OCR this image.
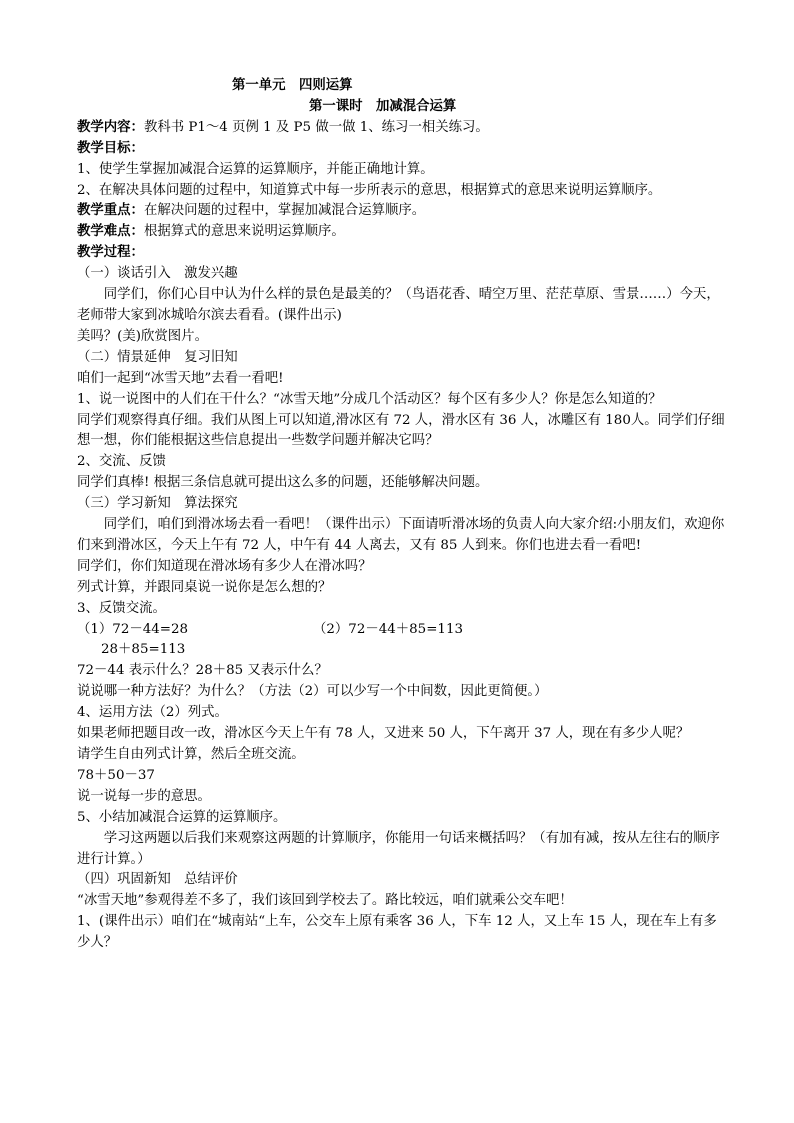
第一单元　四则运算

第一课时　加减混合运算

教学内容：教科书 P1～4 页例 1 及 P5 做一做 1、练习一相关练习。

教学目标：

1、使学生掌握加减混合运算的运算顺序，并能正确地计算。

2、在解决具体问题的过程中，知道算式中每一步所表示的意思，根据算式的意思来说明运算顺序。

教学重点：在解决问题的过程中，掌握加减混合运算顺序。

教学难点：根据算式的意思来说明运算顺序。

教学过程：

（一）谈话引入　激发兴趣

同学们，你们心目中认为什么样的景色是最美的？（鸟语花香、晴空万里、茫茫草原、雪景……）今天，老师带大家到冰城哈尔滨去看看。(课件出示)

美吗？(美)欣赏图片。

（二）情景延伸　复习旧知

咱们一起到“冰雪天地”去看一看吧!

1、说一说图中的人们在干什么？“冰雪天地”分成几个活动区？每个区有多少人？你是怎么知道的？

同学们观察得真仔细。我们从图上可以知道,滑冰区有 72 人，滑水区有 36 人，冰雕区有 180人。同学们仔细想一想，你们能根据这些信息提出一些数学问题并解决它吗？

2、交流、反馈

同学们真棒! 根据三条信息就可提出这么多的问题，还能够解决问题。

（三）学习新知　算法探究

同学们，咱们到滑冰场去看一看吧！（课件出示）下面请听滑冰场的负责人向大家介绍:小朋友们，欢迎你们来到滑冰区，今天上午有 72 人，中午有 44 人离去，又有 85 人到来。你们也进去看一看吧!

同学们，你们知道现在滑冰场有多少人在滑冰吗？

列式计算，并跟同桌说一说你是怎么想的？

3、反馈交流。

（1）72－44=28	（2）72－44＋85=113

28＋85=113

72－44 表示什么？28＋85 又表示什么？

说说哪一种方法好？为什么？（方法（2）可以少写一个中间数，因此更简便。）

4、运用方法（2）列式。

如果老师把题目改一改，滑冰区今天上午有 78 人，又进来 50 人，下午离开 37 人，现在有多少人呢？

请学生自由列式计算，然后全班交流。

78＋50－37

说一说每一步的意思。

5、小结加减混合运算的运算顺序。

学习这两题以后我们来观察这两题的计算顺序，你能用一句话来概括吗？（有加有减，按从左往右的顺序进行计算。）

（四）巩固新知　总结评价

“冰雪天地”参观得差不多了，我们该回到学校去了。路比较远，咱们就乘公交车吧！

1、(课件出示）咱们在“城南站“上车，公交车上原有乘客 36 人，下车 12 人，又上车 15 人，现在车上有多少人？
